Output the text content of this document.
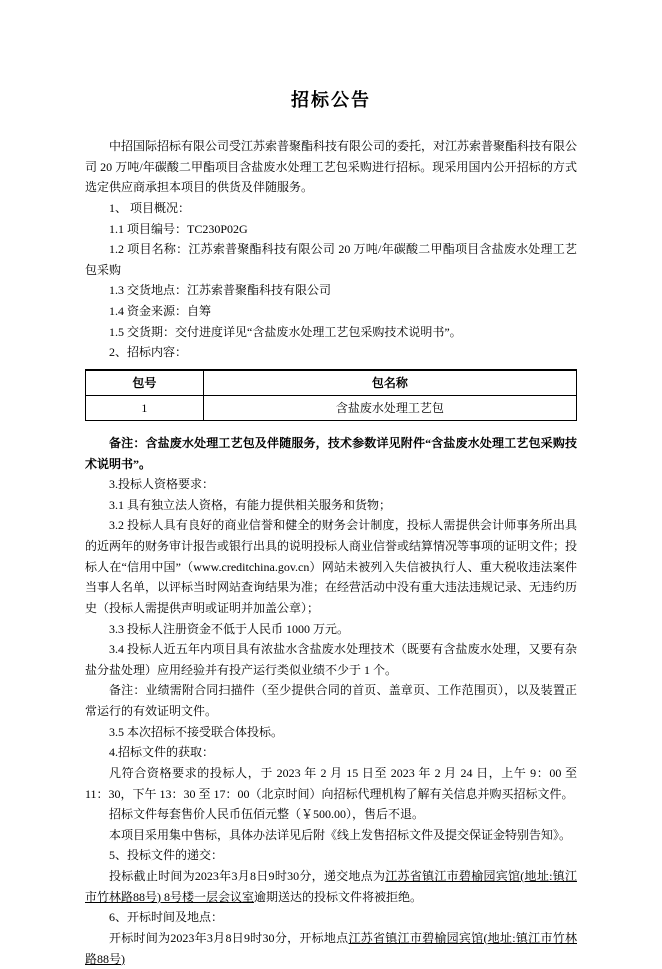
招标公告

中招国际招标有限公司受江苏索普聚酯科技有限公司的委托，对江苏索普聚酯科技有限公司 20 万吨/年碳酸二甲酯项目含盐废水处理工艺包采购进行招标。现采用国内公开招标的方式选定供应商承担本项目的供货及伴随服务。

1、 项目概况：

1.1 项目编号：TC230P02G

1.2 项目名称：江苏索普聚酯科技有限公司 20 万吨/年碳酸二甲酯项目含盐废水处理工艺包采购

1.3 交货地点：江苏索普聚酯科技有限公司

1.4 资金来源：自筹

1.5 交货期：交付进度详见“含盐废水处理工艺包采购技术说明书”。

2、招标内容：

包号	包名称
1	含盐废水处理工艺包

备注：含盐废水处理工艺包及伴随服务，技术参数详见附件“含盐废水处理工艺包采购技术说明书”。

3.投标人资格要求：

3.1 具有独立法人资格，有能力提供相关服务和货物；

3.2 投标人具有良好的商业信誉和健全的财务会计制度，投标人需提供会计师事务所出具的近两年的财务审计报告或银行出具的说明投标人商业信誉或结算情况等事项的证明文件；投标人在“信用中国”（www.creditchina.gov.cn）网站未被列入失信被执行人、重大税收违法案件当事人名单，以评标当时网站查询结果为准；在经营活动中没有重大违法违规记录、无违约历史（投标人需提供声明或证明并加盖公章）；

3.3 投标人注册资金不低于人民币 1000 万元。

3.4 投标人近五年内项目具有浓盐水含盐废水处理技术（既要有含盐废水处理，又要有杂盐分盐处理）应用经验并有投产运行类似业绩不少于 1 个。

备注：业绩需附合同扫描件（至少提供合同的首页、盖章页、工作范围页），以及装置正常运行的有效证明文件。

3.5 本次招标不接受联合体投标。

4.招标文件的获取：

凡符合资格要求的投标人，于 2023 年 2 月 15 日至 2023 年 2 月 24 日，上午 9：00 至 11：30，下午 13：30 至 17：00（北京时间）向招标代理机构了解有关信息并购买招标文件。

招标文件每套售价人民币伍佰元整（￥500.00），售后不退。

本项目采用集中售标，具体办法详见后附《线上发售招标文件及提交保证金特别告知》。

5、投标文件的递交：

投标截止时间为2023年3月8日9时30分，递交地点为江苏省镇江市碧榆园宾馆(地址:镇江市竹林路88号) 8号楼一层会议室逾期送达的投标文件将被拒绝。

6、开标时间及地点：

开标时间为2023年3月8日9时30分，开标地点江苏省镇江市碧榆园宾馆(地址:镇江市竹林路88号)
